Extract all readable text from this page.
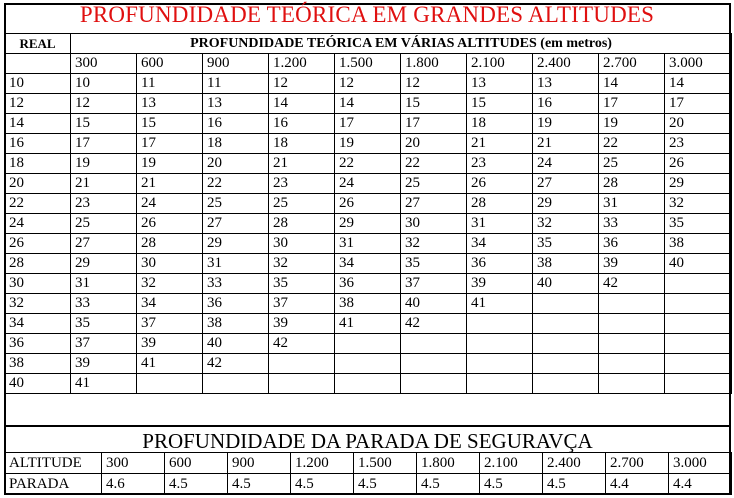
PROFUNDIDADE TEÓRICA EM GRANDES ALTITUDES
REAL	PROFUNDIDADE TEÓRICA EM VÁRIAS ALTITUDES (em metros)									
	300	600	900	1.200	1.500	1.800	2.100	2.400	2.700	3.000
10	10	11	11	12	12	12	13	13	14	14
12	12	13	13	14	14	15	15	16	17	17
14	15	15	16	16	17	17	18	19	19	20
16	17	17	18	18	19	20	21	21	22	23
18	19	19	20	21	22	22	23	24	25	26
20	21	21	22	23	24	25	26	27	28	29
22	23	24	25	25	26	27	28	29	31	32
24	25	26	27	28	29	30	31	32	33	35
26	27	28	29	30	31	32	34	35	36	38
28	29	30	31	32	34	35	36	38	39	40
30	31	32	33	35	36	37	39	40	42	
32	33	34	36	37	38	40	41			
34	35	37	38	39	41	42				
36	37	39	40	42						
38	39	41	42							
40	41									
PROFUNDIDADE DA PARADA DE SEGURAVÇA
ALTITUDE	300	600	900	1.200	1.500	1.800	2.100	2.400	2.700	3.000
PARADA	4.6	4.5	4.5	4.5	4.5	4.5	4.5	4.5	4.4	4.4
